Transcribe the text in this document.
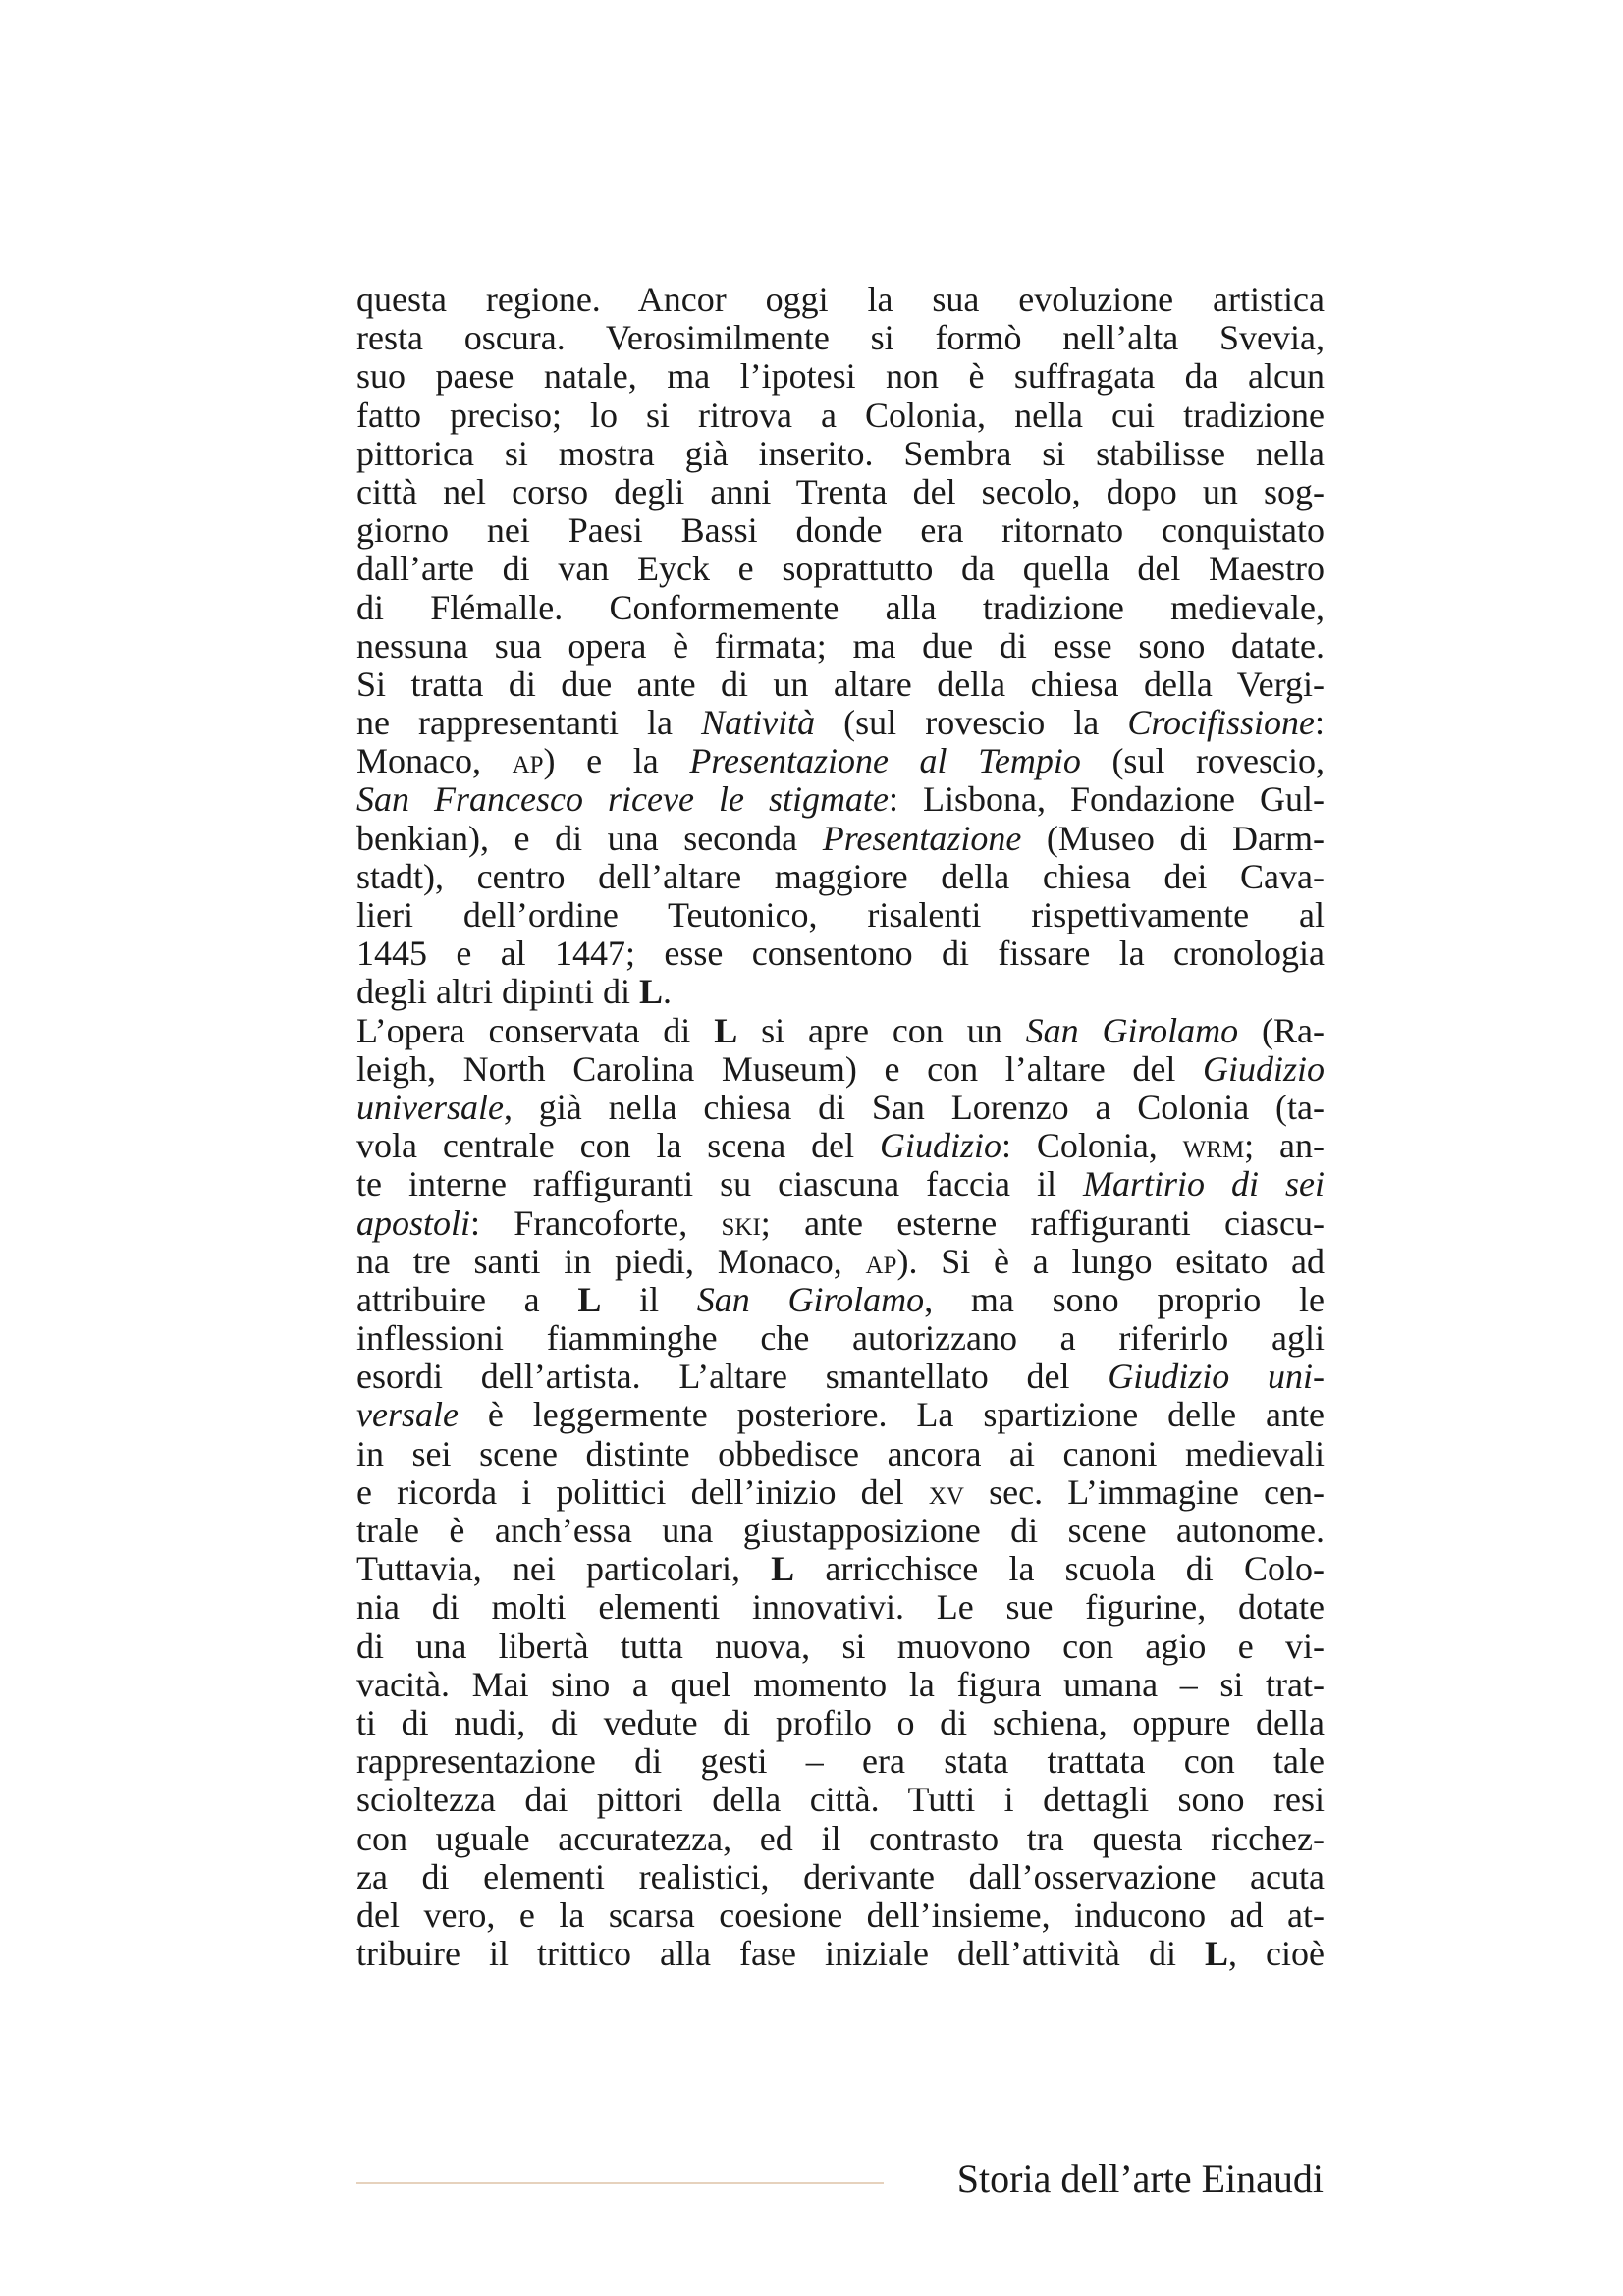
questa regione. Ancor oggi la sua evoluzione artistica
resta oscura. Verosimilmente si formò nell’alta Svevia,
suo paese natale, ma l’ipotesi non è suffragata da alcun
fatto preciso; lo si ritrova a Colonia, nella cui tradizione
pittorica si mostra già inserito. Sembra si stabilisse nella
città nel corso degli anni Trenta del secolo, dopo un sog-
giorno nei Paesi Bassi donde era ritornato conquistato
dall’arte di van Eyck e soprattutto da quella del Maestro
di Flémalle. Conformemente alla tradizione medievale,
nessuna sua opera è firmata; ma due di esse sono datate.
Si tratta di due ante di un altare della chiesa della Vergi-
ne rappresentanti la Natività (sul rovescio la Crocifissione:
Monaco, ap) e la Presentazione al Tempio (sul rovescio,
San Francesco riceve le stigmate: Lisbona, Fondazione Gul-
benkian), e di una seconda Presentazione (Museo di Darm-
stadt), centro dell’altare maggiore della chiesa dei Cava-
lieri dell’ordine Teutonico, risalenti rispettivamente al
1445 e al 1447; esse consentono di fissare la cronologia
degli altri dipinti di L.
L’opera conservata di L si apre con un San Girolamo (Ra-
leigh, North Carolina Museum) e con l’altare del Giudizio
universale, già nella chiesa di San Lorenzo a Colonia (ta-
vola centrale con la scena del Giudizio: Colonia, wrm; an-
te interne raffiguranti su ciascuna faccia il Martirio di sei
apostoli: Francoforte, ski; ante esterne raffiguranti ciascu-
na tre santi in piedi, Monaco, ap). Si è a lungo esitato ad
attribuire a L il San Girolamo, ma sono proprio le
inflessioni fiamminghe che autorizzano a riferirlo agli
esordi dell’artista. L’altare smantellato del Giudizio uni-
versale è leggermente posteriore. La spartizione delle ante
in sei scene distinte obbedisce ancora ai canoni medievali
e ricorda i polittici dell’inizio del xv sec. L’immagine cen-
trale è anch’essa una giustapposizione di scene autonome.
Tuttavia, nei particolari, L arricchisce la scuola di Colo-
nia di molti elementi innovativi. Le sue figurine, dotate
di una libertà tutta nuova, si muovono con agio e vi-
vacità. Mai sino a quel momento la figura umana – si trat-
ti di nudi, di vedute di profilo o di schiena, oppure della
rappresentazione di gesti – era stata trattata con tale
scioltezza dai pittori della città. Tutti i dettagli sono resi
con uguale accuratezza, ed il contrasto tra questa ricchez-
za di elementi realistici, derivante dall’osservazione acuta
del vero, e la scarsa coesione dell’insieme, inducono ad at-
tribuire il trittico alla fase iniziale dell’attività di L, cioè
Storia dell’arte Einaudi
